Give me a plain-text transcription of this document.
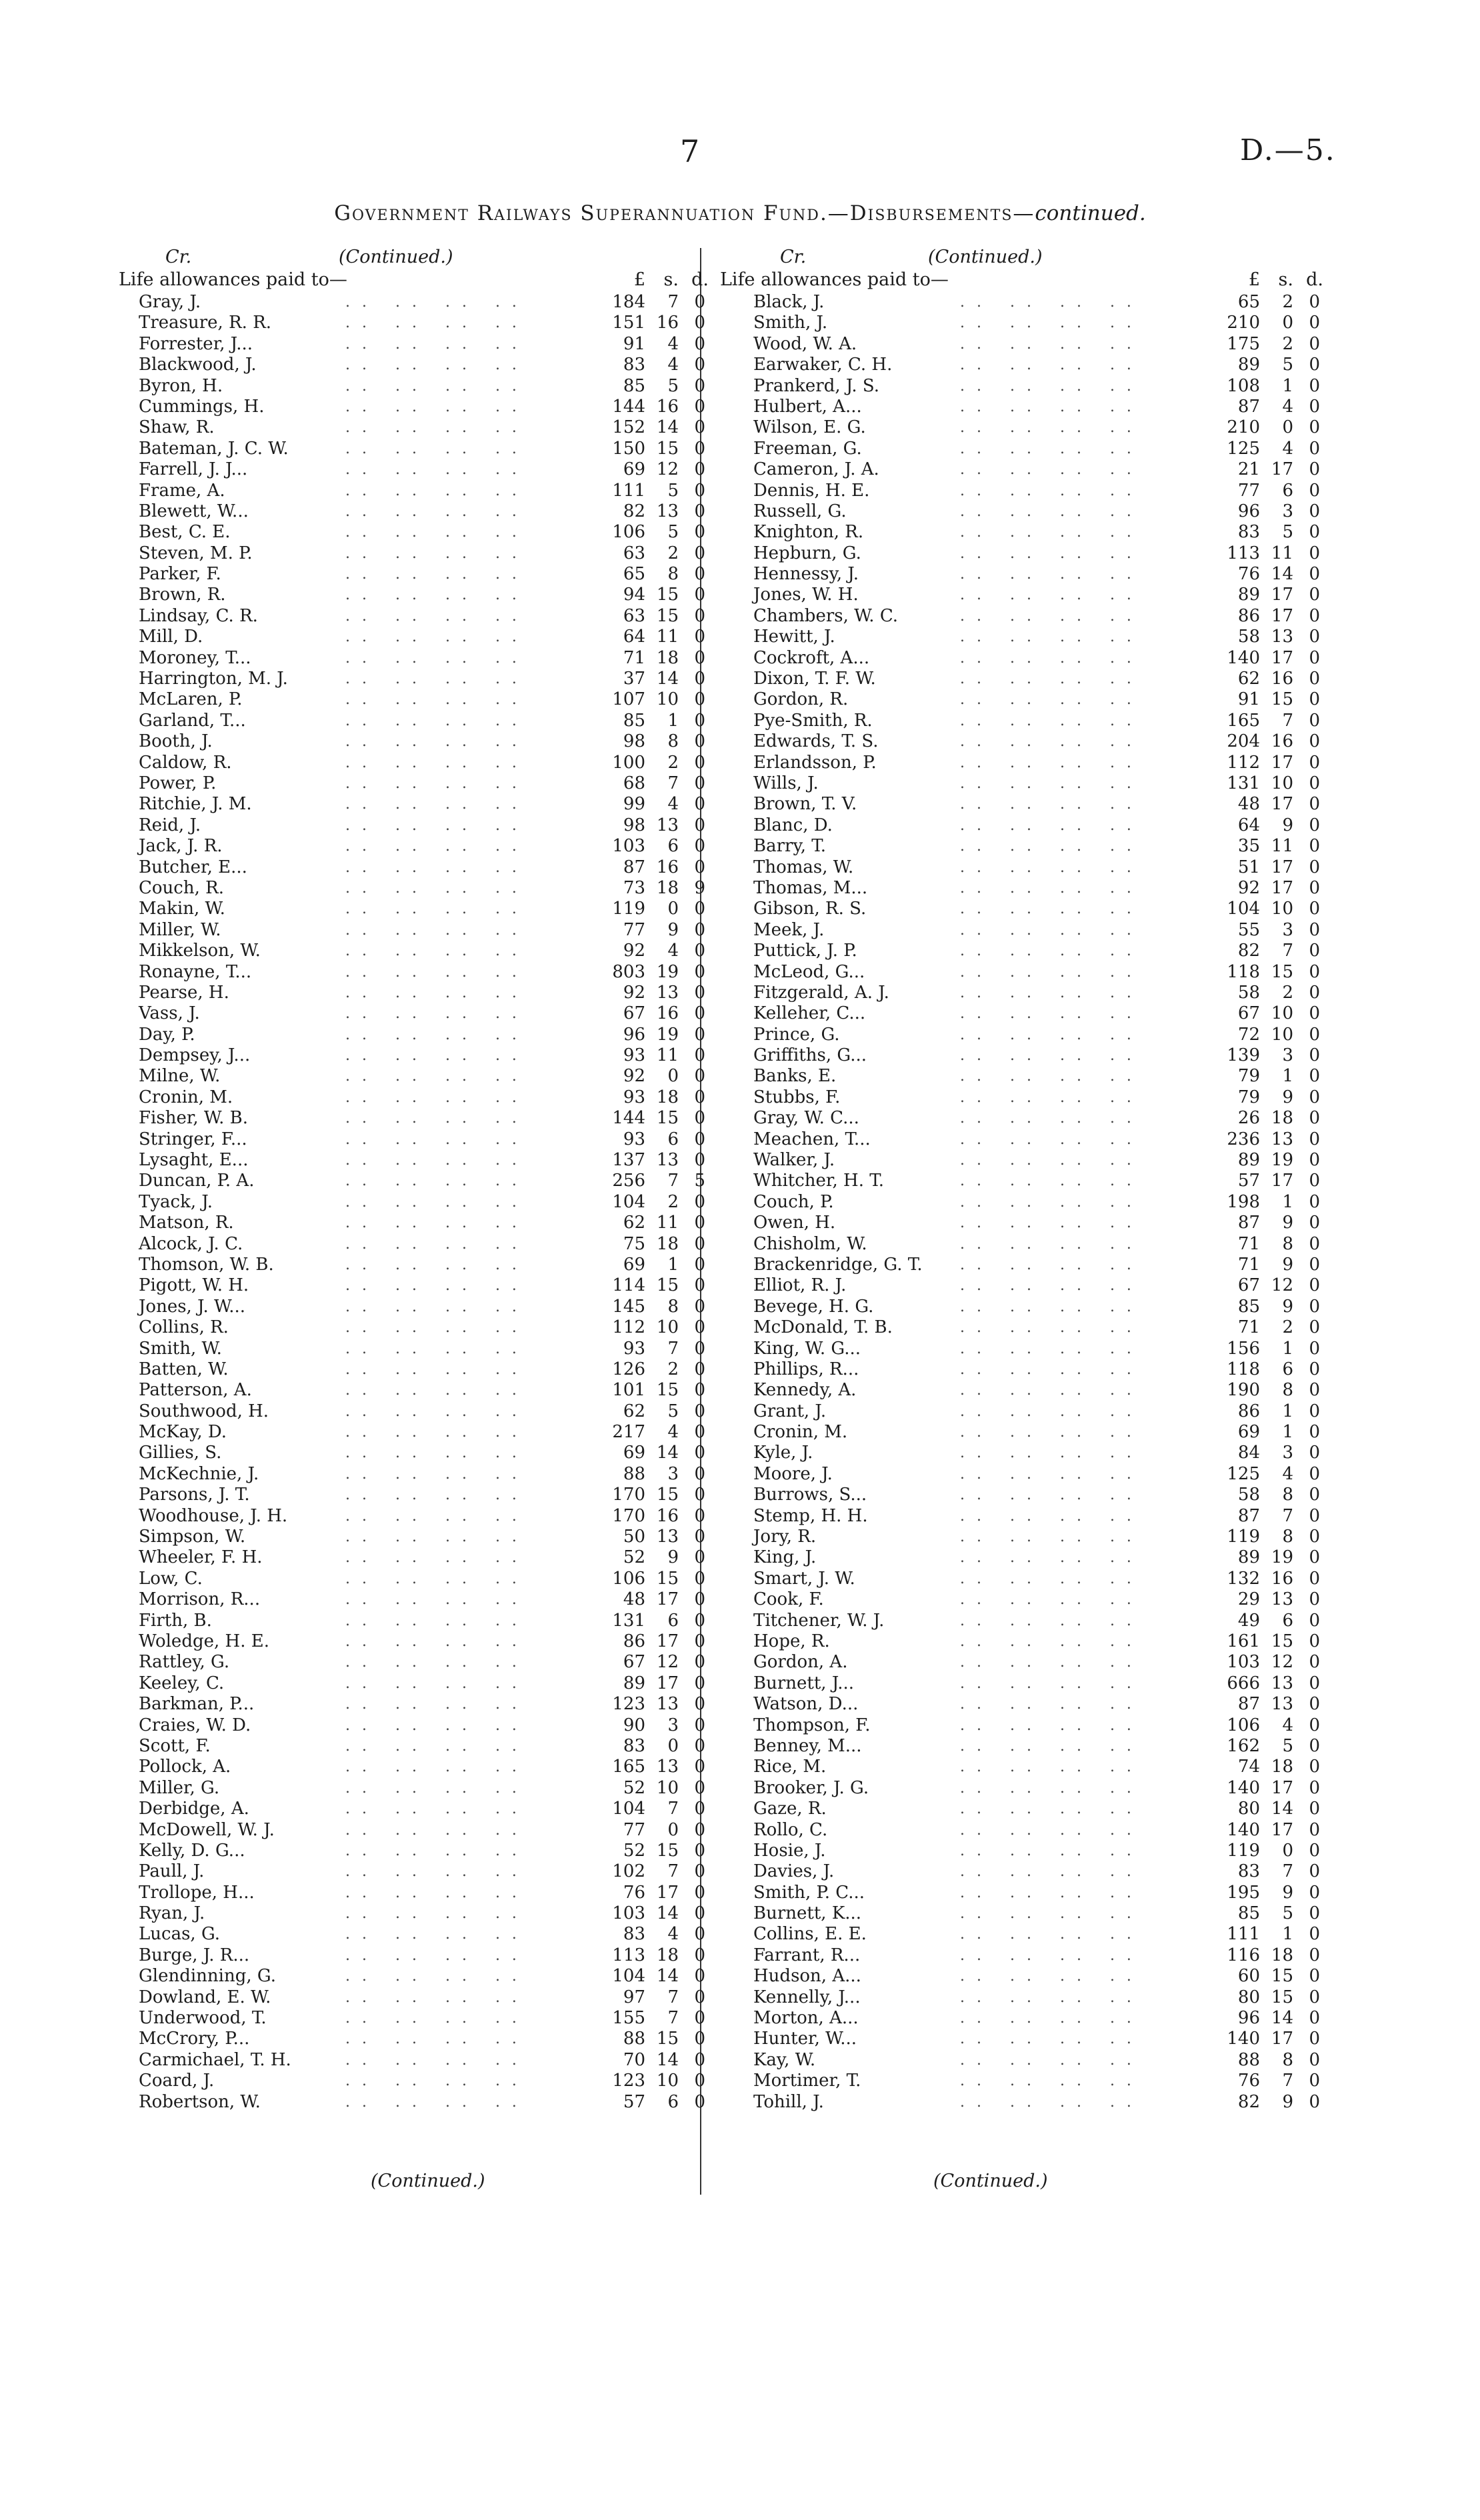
7	D.—5.
Government Railways Superannuation Fund.—Disbursements—continued.
Cr.	(Continued.)
Life allowances paid to—	£	s. d.
.. .. .. ..
Gray, J.	184	7 0
.. .. .. ..
Treasure, R. R.	151 16 0
.. .. .. ..
Forrester, J...	91	4 0
.. .. .. ..
Blackwood, J.	83	4 0
.. .. .. ..
Byron, H.	85	5 0
.. .. .. ..
Cummings, H.	144 16 0
.. .. .. ..
Shaw, R.	152 14 0
.. .. .. ..
Bateman, J. C. W.	150 15 0
.. .. .. ..
Farrell, J. J...	69 12 0
.. .. .. ..
Frame, A.	111	5 0
.. .. .. ..
Blewett, W...	82 13 0
.. .. .. ..
Best, C. E.	106	5 0
.. .. .. ..
Steven, M. P.	63	2 0
.. .. .. ..
Parker, F.	65	8 0
.. .. .. ..
Brown, R.	94 15 0
.. .. .. ..
Lindsay, C. R.	63 15 0
.. .. .. ..
Mill, D.	64 11 0
.. .. .. ..
Moroney, T...	71 18 0
.. .. .. ..
Harrington, M. J.	37 14 0
.. .. .. ..
McLaren, P.	107 10 0
.. .. .. ..
Garland, T...	85	1 0
.. .. .. ..
Booth, J.	98	8 0
.. .. .. ..
Caldow, R.	100	2 0
.. .. .. ..
Power, P.	68	7 0
.. .. .. ..
Ritchie, J. M.	99	4 0
.. .. .. ..
Reid, J.	98 13 0
.. .. .. ..
Jack, J. R.	103	6 0
.. .. .. ..
Butcher, E...	87 16 0
.. .. .. ..
Couch, R.	73 18 9
.. .. .. ..
Makin, W.	119	0 0
.. .. .. ..
Miller, W.	77	9 0
.. .. .. ..
Mikkelson, W.	92	4 0
.. .. .. ..
Ronayne, T...	803 19 0
.. .. .. ..
Pearse, H.	92 13 0
.. .. .. ..
Vass, J.	67 16 0
.. .. .. ..
Day, P.	96 19 0
.. .. .. ..
Dempsey, J...	93 11 0
.. .. .. ..
Milne, W.	92	0 0
.. .. .. ..
Cronin, M.	93 18 0
.. .. .. ..
Fisher, W. B.	144 15 0
.. .. .. ..
Stringer, F...	93	6 0
.. .. .. ..
Lysaght, E...	137 13 0
.. .. .. ..
Duncan, P. A.	256	7 5
.. .. .. ..
Tyack, J.	104	2 0
.. .. .. ..
Matson, R.	62 11 0
.. .. .. ..
Alcock, J. C.	75 18 0
.. .. .. ..
Thomson, W. B.	69	1 0
.. .. .. ..
Pigott, W. H.	114 15 0
.. .. .. ..
Jones, J. W...	145	8 0
.. .. .. ..
Collins, R.	112 10 0
.. .. .. ..
Smith, W.	93	7 0
.. .. .. ..
Batten, W.	126	2 0
.. .. .. ..
Patterson, A.	101 15 0
.. .. .. ..
Southwood, H.	62	5 0
.. .. .. ..
McKay, D.	217	4 0
.. .. .. ..
Gillies, S.	69 14 0
.. .. .. ..
McKechnie, J.	88	3 0
.. .. .. ..
Parsons, J. T.	170 15 0
.. .. .. ..
Woodhouse, J. H.	170 16 0
.. .. .. ..
Simpson, W.	50 13 0
.. .. .. ..
Wheeler, F. H.	52	9 0
.. .. .. ..
Low, C.	106 15 0
.. .. .. ..
Morrison, R...	48 17 0
.. .. .. ..
Firth, B.	131	6 0
.. .. .. ..
Woledge, H. E.	86 17 0
.. .. .. ..
Rattley, G.	67 12 0
.. .. .. ..
Keeley, C.	89 17 0
.. .. .. ..
Barkman, P...	123 13 0
.. .. .. ..
Craies, W. D.	90	3 0
.. .. .. ..
Scott, F.	83	0 0
.. .. .. ..
Pollock, A.	165 13 0
.. .. .. ..
Miller, G.	52 10 0
.. .. .. ..
Derbidge, A.	104	7 0
.. .. .. ..
McDowell, W. J.	77	0 0
.. .. .. ..
Kelly, D. G...	52 15 0
.. .. .. ..
Paull, J.	102	7 0
.. .. .. ..
Trollope, H...	76 17 0
.. .. .. ..
Ryan, J.	103 14 0
.. .. .. ..
Lucas, G.	83	4 0
.. .. .. ..
Burge, J. R...	113 18 0
.. .. .. ..
Glendinning, G.	104 14 0
.. .. .. ..
Dowland, E. W.	97	7 0
.. .. .. ..
Underwood, T.	155	7 0
.. .. .. ..
McCrory, P...	88 15 0
.. .. .. ..
Carmichael, T. H.	70 14 0
.. .. .. ..
Coard, J.	123 10 0
.. .. .. ..
Robertson, W.	57	6 0
(Continued.)
Cr.	(Continued.)
Life allowances paid to—	£	s. d.
.. .. .. ..
Black, J.	65	2 0
.. .. .. ..
Smith, J.	210	0 0
.. .. .. ..
Wood, W. A.	175	2 0
.. .. .. ..
Earwaker, C. H.	89	5 0
.. .. .. ..
Prankerd, J. S.	108	1 0
.. .. .. ..
Hulbert, A...	87	4 0
.. .. .. ..
Wilson, E. G.	210	0 0
.. .. .. ..
Freeman, G.	125	4 0
.. .. .. ..
Cameron, J. A.	21 17 0
.. .. .. ..
Dennis, H. E.	77	6 0
.. .. .. ..
Russell, G.	96	3 0
.. .. .. ..
Knighton, R.	83	5 0
.. .. .. ..
Hepburn, G.	113 11 0
.. .. .. ..
Hennessy, J.	76 14 0
.. .. .. ..
Jones, W. H.	89 17 0
.. .. .. ..
Chambers, W. C.	86 17 0
.. .. .. ..
Hewitt, J.	58 13 0
.. .. .. ..
Cockroft, A...	140 17 0
.. .. .. ..
Dixon, T. F. W.	62 16 0
.. .. .. ..
Gordon, R.	91 15 0
.. .. .. ..
Pye-Smith, R.	165	7 0
.. .. .. ..
Edwards, T. S.	204 16 0
.. .. .. ..
Erlandsson, P.	112 17 0
.. .. .. ..
Wills, J.	131 10 0
.. .. .. ..
Brown, T. V.	48 17 0
.. .. .. ..
Blanc, D.	64	9 0
.. .. .. ..
Barry, T.	35 11 0
.. .. .. ..
Thomas, W.	51 17 0
.. .. .. ..
Thomas, M...	92 17 0
.. .. .. ..
Gibson, R. S.	104 10 0
.. .. .. ..
Meek, J.	55	3 0
.. .. .. ..
Puttick, J. P.	82	7 0
.. .. .. ..
McLeod, G...	118 15 0
.. .. .. ..
Fitzgerald, A. J.	58	2 0
.. .. .. ..
Kelleher, C...	67 10 0
.. .. .. ..
Prince, G.	72 10 0
.. .. .. ..
Griffiths, G...	139	3 0
.. .. .. ..
Banks, E.	79	1 0
.. .. .. ..
Stubbs, F.	79	9 0
.. .. .. ..
Gray, W. C...	26 18 0
.. .. .. ..
Meachen, T...	236 13 0
.. .. .. ..
Walker, J.	89 19 0
.. .. .. ..
Whitcher, H. T.	57 17 0
.. .. .. ..
Couch, P.	198	1 0
.. .. .. ..
Owen, H.	87	9 0
.. .. .. ..
Chisholm, W.	71	8 0
.. .. .. ..
Brackenridge, G. T.	71	9 0
.. .. .. ..
Elliot, R. J.	67 12 0
.. .. .. ..
Bevege, H. G.	85	9 0
.. .. .. ..
McDonald, T. B.	71	2 0
.. .. .. ..
King, W. G...	156	1 0
.. .. .. ..
Phillips, R...	118	6 0
.. .. .. ..
Kennedy, A.	190	8 0
.. .. .. ..
Grant, J.	86	1 0
.. .. .. ..
Cronin, M.	69	1 0
.. .. .. ..
Kyle, J.	84	3 0
.. .. .. ..
Moore, J.	125	4 0
.. .. .. ..
Burrows, S...	58	8 0
.. .. .. ..
Stemp, H. H.	87	7 0
.. .. .. ..
Jory, R.	119	8 0
.. .. .. ..
King, J.	89 19 0
.. .. .. ..
Smart, J. W.	132 16 0
.. .. .. ..
Cook, F.	29 13 0
.. .. .. ..
Titchener, W. J.	49	6 0
.. .. .. ..
Hope, R.	161 15 0
.. .. .. ..
Gordon, A.	103 12 0
.. .. .. ..
Burnett, J...	666 13 0
.. .. .. ..
Watson, D...	87 13 0
.. .. .. ..
Thompson, F.	106	4 0
.. .. .. ..
Benney, M...	162	5 0
.. .. .. ..
Rice, M.	74 18 0
.. .. .. ..
Brooker, J. G.	140 17 0
.. .. .. ..
Gaze, R.	80 14 0
.. .. .. ..
Rollo, C.	140 17 0
.. .. .. ..
Hosie, J.	119	0 0
.. .. .. ..
Davies, J.	83	7 0
.. .. .. ..
Smith, P. C...	195	9 0
.. .. .. ..
Burnett, K...	85	5 0
.. .. .. ..
Collins, E. E.	111	1 0
.. .. .. ..
Farrant, R...	116 18 0
.. .. .. ..
Hudson, A...	60 15 0
.. .. .. ..
Kennelly, J...	80 15 0
.. .. .. ..
Morton, A...	96 14 0
.. .. .. ..
Hunter, W...	140 17 0
.. .. .. ..
Kay, W.	88	8 0
.. .. .. ..
Mortimer, T.	76	7 0
.. .. .. ..
Tohill, J.	82	9 0
(Continued.)
